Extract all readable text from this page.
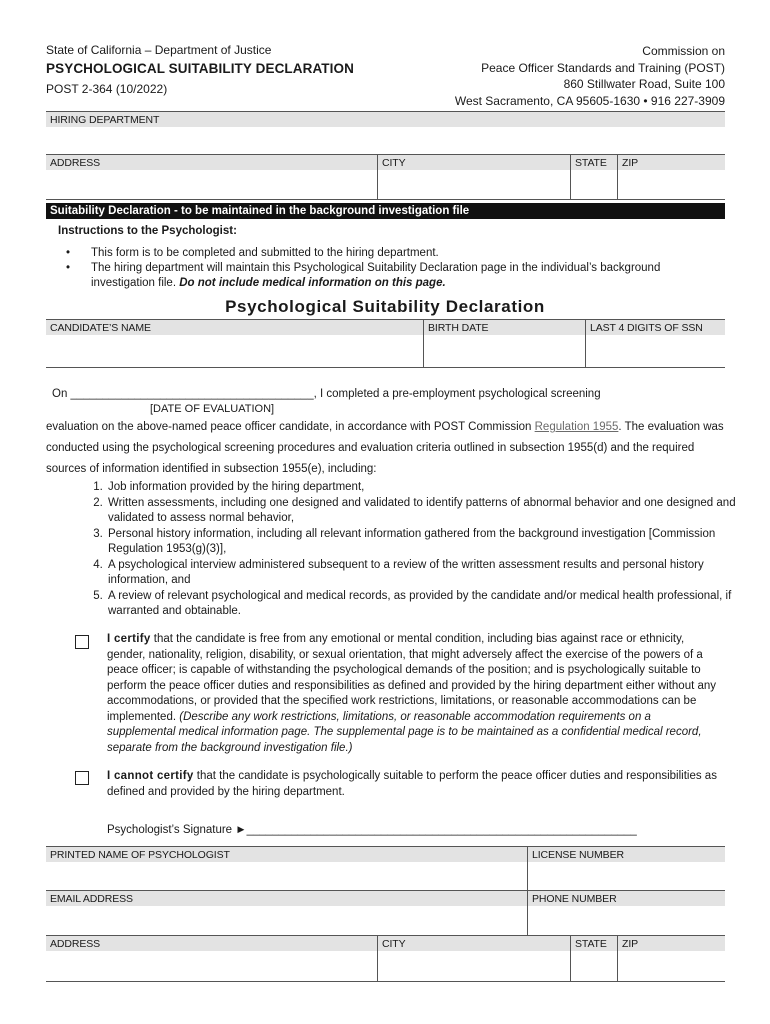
State of California – Department of Justice
PSYCHOLOGICAL SUITABILITY DECLARATION
POST 2-364 (10/2022)
Commission on
Peace Officer Standards and Training (POST)
860 Stillwater Road, Suite 100
West Sacramento, CA 95605-1630 • 916 227-3909
HIRING DEPARTMENT
ADDRESS	CITY	STATE	ZIP
Suitability Declaration - to be maintained in the background investigation file
Instructions to the Psychologist:
• This form is to be completed and submitted to the hiring department.
• The hiring department will maintain this Psychological Suitability Declaration page in the individual’s background investigation file. Do not include medical information on this page.
Psychological Suitability Declaration
CANDIDATE’S NAME	BIRTH DATE	LAST 4 DIGITS OF SSN
On ______________________________________, I completed a pre-employment psychological screening
[DATE OF EVALUATION]
evaluation on the above-named peace officer candidate, in accordance with POST Commission Regulation 1955. The evaluation was conducted using the psychological screening procedures and evaluation criteria outlined in subsection 1955(d) and the required sources of information identified in subsection 1955(e), including:
1. Job information provided by the hiring department,
2. Written assessments, including one designed and validated to identify patterns of abnormal behavior and one designed and validated to assess normal behavior,
3. Personal history information, including all relevant information gathered from the background investigation [Commission Regulation 1953(g)(3)],
4. A psychological interview administered subsequent to a review of the written assessment results and personal history information, and
5. A review of relevant psychological and medical records, as provided by the candidate and/or medical health professional, if warranted and obtainable.
I certify that the candidate is free from any emotional or mental condition, including bias against race or ethnicity, gender, nationality, religion, disability, or sexual orientation, that might adversely affect the exercise of the powers of a peace officer; is capable of withstanding the psychological demands of the position; and is psychologically suitable to perform the peace officer duties and responsibilities as defined and provided by the hiring department either without any accommodations, or provided that the specified work restrictions, limitations, or reasonable accommodations can be implemented. (Describe any work restrictions, limitations, or reasonable accommodation requirements on a supplemental medical information page. The supplemental page is to be maintained as a confidential medical record, separate from the background investigation file.)
I cannot certify that the candidate is psychologically suitable to perform the peace officer duties and responsibilities as defined and provided by the hiring department.
Psychologist’s Signature ►_____________________________________________________________
PRINTED NAME OF PSYCHOLOGIST	LICENSE NUMBER
EMAIL ADDRESS	PHONE NUMBER
ADDRESS	CITY	STATE	ZIP
